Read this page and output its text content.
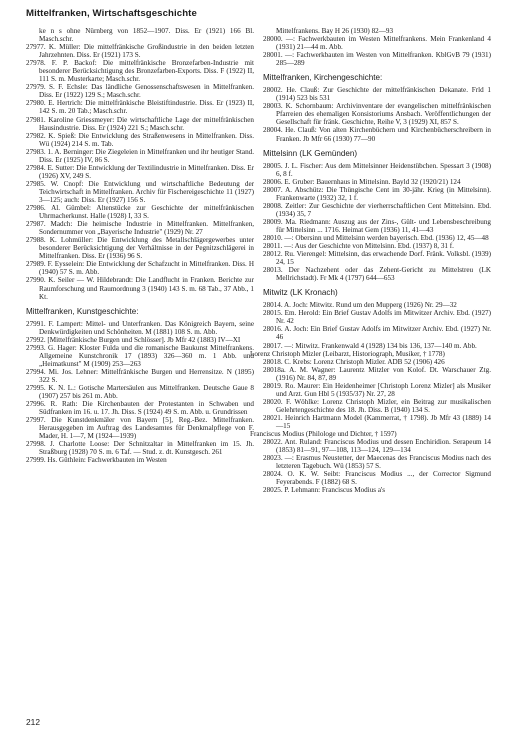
Mittelfranken, Wirtschaftsgeschichte

ke n s ohne Nürnberg von 1852—1907. Diss. Er (1921) 166 Bl. Masch.schr.

27977. K. Müller: Die mittelfränkische Großindustrie in den beiden letzten Jahrzehnten. Diss. Er (1921) 173 S.

27978. F. P. Backof: Die mittelfränkische Bronzefarben-Industrie mit besonderer Berücksichtigung des Bronzefarben-Exports. Diss. F (1922) II, 111 S. m. Musterkarte; Masch.schr.

27979. S. F. Echsle: Das ländliche Genossenschaftswesen in Mittelfranken. Diss. Er (1922) 129 S.; Masch.schr.

27980. E. Hertrich: Die mittelfränkische Bleistiftindustrie. Diss. Er (1923) II, 142 S. m. 20 Tab.; Masch.schr.

27981. Karoline Griessmeyer: Die wirtschaftliche Lage der mittelfränkischen Hausindustrie. Diss. Er (1924) 221 S.; Masch.schr.

27982. K. Spieß: Die Entwicklung des Straßenwesens in Mittelfranken. Diss. Wü (1924) 214 S. m. Tab.

27983. 1. A. Berninger: Die Ziegeleien in Mittelfranken und ihr heutiger Stand. Diss. Er (1925) IV, 86 S.

27984. E. Sutter: Die Entwicklung der Textilindustrie in Mittelfranken. Diss. Er (1926) XV, 249 S.

27985. W. Cnopf: Die Entwicklung und wirtschaftliche Bedeutung der Teichwirtschaft in Mittelfranken. Archiv für Fischereigeschichte 11 (1927) 3—125; auch: Diss. Er (1927) 156 S.

27986. Al. Gümbel: Altenstücke zur Geschichte der mittelfränkischen Uhrmacherkunst. Halle (1928) I, 33 S.

27987. Madch: Die heimische Industrie in Mittelfranken. Mittelfranken, Sondernummer von „Bayerische Industrie" (1929) Nr. 27

27988. K. Lohmüller: Die Entwicklung des Metallschlägergewerbes unter besonderer Berücksichtigung der Verhältnisse in der Pegnitzschlägerei in Mittelfranken. Diss. Er (1936) 96 S.

27989. F. Eysselein: Die Entwicklung der Schafzucht in Mittelfranken. Diss. H (1940) 57 S. m. Abb.

27990. K. Seiler — W. Hildebrandt: Die Landflucht in Franken. Berichte zur Raumforschung und Raumordnung 3 (1940) 143 S. m. 68 Tab., 37 Abb., 1 Kt.

Mittelfranken, Kunstgeschichte:

27991. F. Lampert: Mittel- und Unterfranken. Das Königreich Bayern, seine Denkwürdigkeiten und Schönheiten. M (1881) 108 S. m. Abb.

27992. [Mittelfränkische Burgen und Schlösser]. Jb Mfr 42 (1883) IV—XI

27993. G. Hager: Kloster Fulda und die romanische Baukunst Mittelfrankens. Allgemeine Kunstchronik 17 (1893) 326—360 m. 1 Abb. und „Heimatkunst" M (1909) 253—263

27994. Mi. Jos. Lehner: Mittelfränkische Burgen und Herrensitze. N (1895) 322 S.

27995. K. N. L.: Gotische Martersäulen aus Mittelfranken. Deutsche Gaue 8 (1907) 257 bis 261 m. Abb.

27996. R. Rath: Die Kirchenbauten der Protestanten in Schwaben und Südfranken im 16. u. 17. Jh. Diss. S (1924) 49 S. m. Abb. u. Grundrissen

27997. Die Kunstdenkmäler von Bayern [5], Reg.-Bez. Mittelfranken. Herausgegeben im Auftrag des Landesamtes für Denkmalpflege von F. Mader, H. 1—7, M (1924—1939)

27998. J. Charlotte Loose: Der Schnitzaltar in Mittelfranken im 15. Jh. Straßburg (1928) 70 S. m. 6 Taf. — Stud. z. dt. Kunstgesch. 261

27999. Hs. Güthlein: Fachwerkbauten im Westen

Mittelfrankens. Bay H 26 (1930) 82—93

28000. —: Fachwerkbauten im Westen Mittelfrankens. Mein Frankenland 4 (1931) 21—44 m. Abb.

28001. —: Fachwerkbauten im Westen von Mittelfranken. KblGvB 79 (1931) 285—289

Mittelfranken, Kirchengeschichte:

28002. He. Clauß: Zur Geschichte der mittelfränkischen Dekanate. Frld 1 (1914) 523 bis 531

28003. K. Schornbaum: Archivinventare der evangelischen mittelfränkischen Pfarreien des ehemaligen Konsistoriums Ansbach. Veröffentlichungen der Gesellschaft für fränk. Geschichte, Reihe V, 3 (1929) XI, 857 S.

28004. He. Clauß: Von alten Kirchenbüchern und Kirchenbücherschreibern in Franken. Jb Mfr 66 (1930) 77—90

Mittelsinn (LK Gemünden)

28005. J. L. Fischer: Aus dem Mittelsinner Heidenstübchen. Spessart 3 (1908) 6, 8 f.

28006. E. Gruber: Bauernhaus in Mittelsinn. Bayld 32 (1920/21) 124

28007. A. Abschütz: Die Thüngische Cent im 30-jähr. Krieg (in Mittelsinn). Frankenwarte (1932) 32, 1 f.

28008. Zeitler: Zur Geschichte der vierherrschaftlichen Cent Mittelsinn. Ebd. (1934) 35, 7

28009. Ma. Riedmann: Auszug aus der Zins-, Gült- und Lebensbeschreibung für Mittelsinn ... 1716. Heimat Gem (1936) 11, 41—43

28010. —: Obersinn und Mittelsinn werden bayerisch. Ebd. (1936) 12, 45—48

28011. —: Aus der Geschichte von Mittelsinn. Ebd. (1937) 8, 31 f.

28012. Ru. Vierengel: Mittelsinn, das erwachende Dorf. Fränk. Volksbl. (1939) 24, 15

28013. Der Nachzehent oder das Zehent-Gericht zu Mittelstreu (LK Mellrichstadt). Fr Mk 4 (1797) 644—653

Mitwitz (LK Kronach)

28014. A. Joch: Mitwitz. Rund um den Mupperg (1926) Nr. 29—32

28015. Em. Herold: Ein Brief Gustav Adolfs im Mitwitzer Archiv. Ebd. (1927) Nr. 42

28016. A. Joch: Ein Brief Gustav Adolfs im Mitwitzer Archiv. Ebd. (1927) Nr. 46

28017. —: Mitwitz. Frankenwald 4 (1928) 134 bis 136, 137—140 m. Abb.

Lorenz Christoph Mizler (Leibarzt, Historiograph, Musiker, † 1778)

28018. C. Krebs: Lorenz Christoph Mizler. ADB 52 (1906) 426

28018a. A. M. Wagner: Laurentz Mitzler von Kolof. Dt. Warschauer Ztg. (1916) Nr. 84, 87, 89

28019. Ro. Maurer: Ein Heidenheimer [Christoph Lorenz Mizler] als Musiker und Arzt. Gun Hbl 5 (1935/37) Nr. 27, 28

28020. F. Wöhlke: Lorenz Christoph Mizler, ein Beitrag zur musikalischen Gelehrtengeschichte des 18. Jh. Diss. B (1940) 134 S.

28021. Heinrich Hartmann Model (Kammerrat, † 1798). Jb Mfr 43 (1889) 14—15

Franciscus Modius (Philologe und Dichter, † 1597)

28022. Ant. Ruland: Franciscus Modius und dessen Enchiridion. Serapeum 14 (1853) 81—91, 97—108, 113—124, 129—134

28023. —: Erasmus Neustetter, der Maecenas des Franciscus Modius nach des letzteren Tagebuch. Wü (1853) 57 S.

28024. O. K. W. Seibt: Franciscus Modius ..., der Corrector Sigmund Feyerabends. F (1882) 68 S.

28025. P. Lehmann: Franciscus Modius a's

212
